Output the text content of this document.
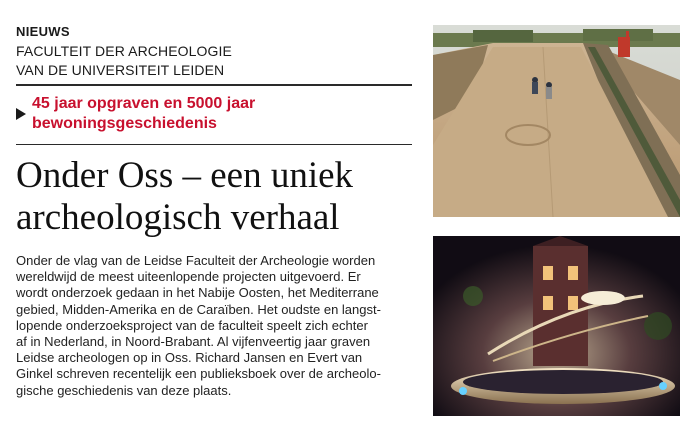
NIEUWS
FACULTEIT DER ARCHEOLOGIE
VAN DE UNIVERSITEIT LEIDEN
45 jaar opgraven en 5000 jaar bewoningsgeschiedenis
Onder Oss – een uniek
archeologisch verhaal
Onder de vlag van de Leidse Faculteit der Archeologie worden
wereldwijd de meest uiteenlopende projecten uitgevoerd. Er
wordt onderzoek gedaan in het Nabije Oosten, het Mediterrane
gebied, Midden-Amerika en de Caraïben. Het oudste en langst-
lopende onderzoeksproject van de faculteit speelt zich echter
af in Nederland, in Noord-Brabant. Al vijfenveertig jaar graven
Leidse archeologen op in Oss. Richard Jansen en Evert van
Ginkel schreven recentelijk een publieksboek over de archeolo-
gische geschiedenis van deze plaats.
